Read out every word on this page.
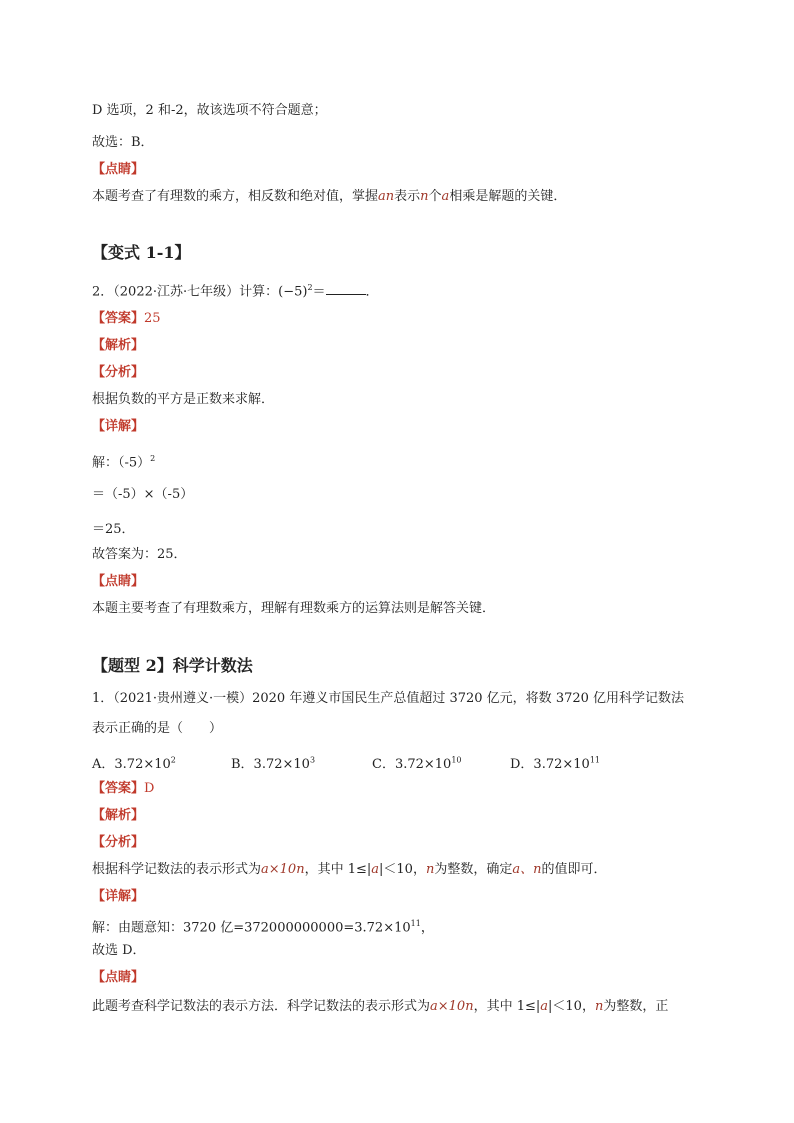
D 选项，2 和-2，故该选项不符合题意；
故选：B．
【点睛】
本题考查了有理数的乘方，相反数和绝对值，掌握an表示n个a相乘是解题的关键．
【变式 1-1】
2．（2022·江苏·七年级）计算：$(-5)^2=$	．
【答案】25
【解析】
【分析】
根据负数的平方是正数来求解．
【详解】
解：$(-5)^2$
＝（-5）×（-5）
＝25．
故答案为：25．
【点睛】
本题主要考查了有理数乘方，理解有理数乘方的运算法则是解答关键．
【题型 2】科学计数法
1．（2021·贵州遵义·一模）2020 年遵义市国民生产总值超过 3720 亿元，将数 3720 亿用科学记数法
表示正确的是（　　）
A．$3.72\times 10^2$	B．$3.72\times 10^3$	C．$3.72\times 10^{10}$	D．$3.72\times 10^{11}$
【答案】D
【解析】
【分析】
根据科学记数法的表示形式为a×10n，其中 1≤|a|＜10，n为整数，确定a、n的值即可．
【详解】
解：由题意知：3720 亿$=372000000000=3.72\times 10^{11}$，
故选 D．
【点睛】
此题考查科学记数法的表示方法．科学记数法的表示形式为a×10n，其中 1≤|a|＜10，n为整数，正
